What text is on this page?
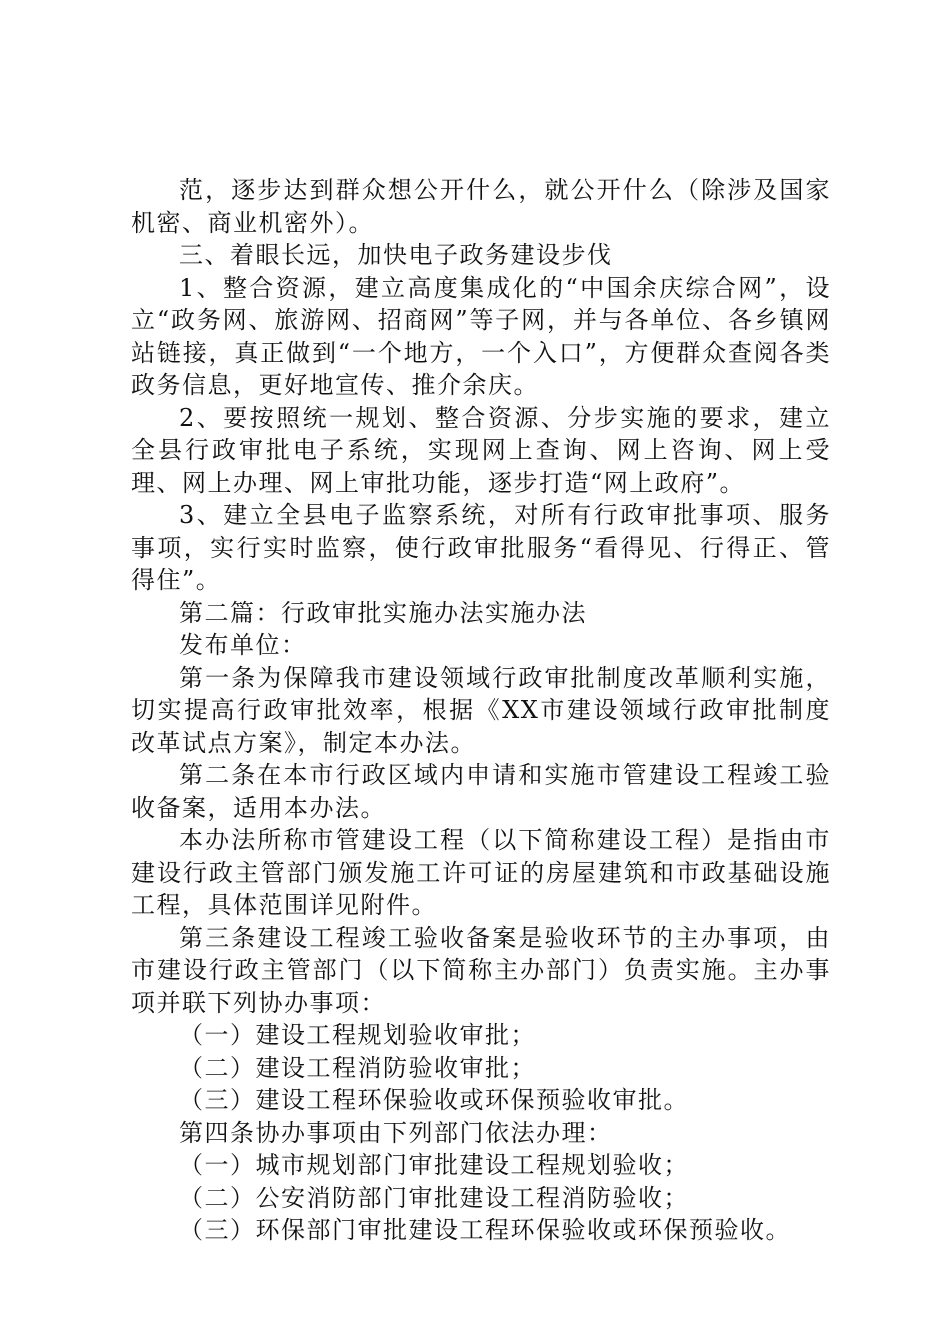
范，逐步达到群众想公开什么，就公开什么（除涉及国家机密、商业机密外）。

三、着眼长远，加快电子政务建设步伐

1、整合资源，建立高度集成化的“中国余庆综合网”，设立“政务网、旅游网、招商网”等子网，并与各单位、各乡镇网站链接，真正做到“一个地方，一个入口”，方便群众查阅各类政务信息，更好地宣传、推介余庆。

2、要按照统一规划、整合资源、分步实施的要求，建立全县行政审批电子系统，实现网上查询、网上咨询、网上受理、网上办理、网上审批功能，逐步打造“网上政府”。

3、建立全县电子监察系统，对所有行政审批事项、服务事项，实行实时监察，使行政审批服务“看得见、行得正、管得住”。

第二篇：行政审批实施办法实施办法

发布单位：

第一条为保障我市建设领域行政审批制度改革顺利实施，切实提高行政审批效率，根据《XX市建设领域行政审批制度改革试点方案》，制定本办法。

第二条在本市行政区域内申请和实施市管建设工程竣工验收备案，适用本办法。

本办法所称市管建设工程（以下简称建设工程）是指由市建设行政主管部门颁发施工许可证的房屋建筑和市政基础设施工程，具体范围详见附件。

第三条建设工程竣工验收备案是验收环节的主办事项，由市建设行政主管部门（以下简称主办部门）负责实施。主办事项并联下列协办事项：

（一）建设工程规划验收审批；

（二）建设工程消防验收审批；

（三）建设工程环保验收或环保预验收审批。

第四条协办事项由下列部门依法办理：

（一）城市规划部门审批建设工程规划验收；

（二）公安消防部门审批建设工程消防验收；

（三）环保部门审批建设工程环保验收或环保预验收。
